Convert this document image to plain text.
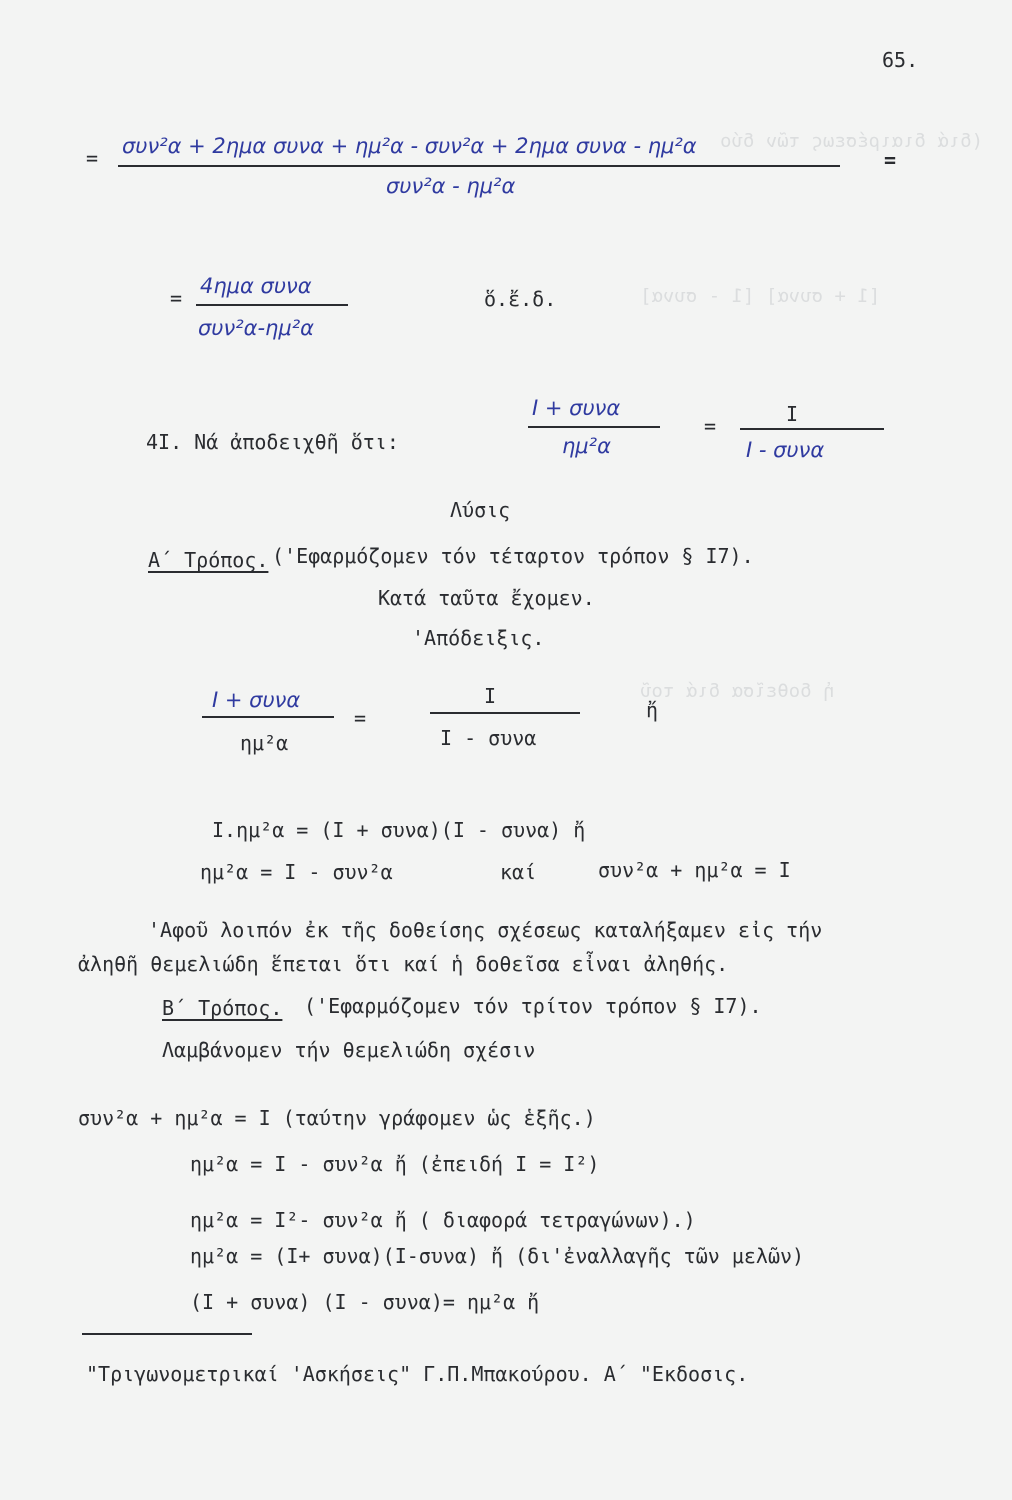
(διά διαιρέσεως τῶν δύο
[1 + συνα] [1 - συνα]
ἡ δοθεῖσα διά τοῦ
65.
= συν²α + 2ημα συνα + ημ²α - συν²α + 2ημα συνα - ημ²α
συν²α - ημ²α
=
= 4ημα συνα
συν²α-ημ²α
ὅ.ἔ.δ.
4I. Νά ἀποδειχθῆ ὅτι:
I + συνα
ημ²α
=	I
I - συνα
Λύσις
Α΄ Τρόπος. ('Εφαρμόζομεν τόν τέταρτον τρόπον § I7).
Κατά ταῦτα ἔχομεν.
'Απόδειξις.
I + συνα
ημ²α
=
I
I - συνα
ἤ
I.ημ²α = (I + συνα)(I - συνα) ἤ
ημ²α = I - συν²α	καί	συν²α + ημ²α = I
'Αφοῦ λοιπόν ἐκ τῆς δοθείσης σχέσεως καταλήξαμεν εἰς τήν
ἀληθῆ θεμελιώδη ἕπεται ὅτι καί ἡ δοθεῖσα εἶναι ἀληθής.
Β΄ Τρόπος. ('Εφαρμόζομεν τόν τρίτον τρόπον § I7).
Λαμβάνομεν τήν θεμελιώδη σχέσιν
συν²α + ημ²α = I (ταύτην γράφομεν ὡς ἑξῆς.)
ημ²α = I - συν²α ἤ (ἐπειδή I = I²)
ημ²α = I²- συν²α ἤ ( διαφορά τετραγώνων).)
ημ²α = (I+ συνα)(I-συνα) ἤ (δι'ἐναλλαγῆς τῶν μελῶν)
(I + συνα) (I - συνα)= ημ²α ἤ
"Τριγωνομετρικαί 'Ασκήσεις" Γ.Π.Μπακούρου. Α΄ "Εκδοσις.
